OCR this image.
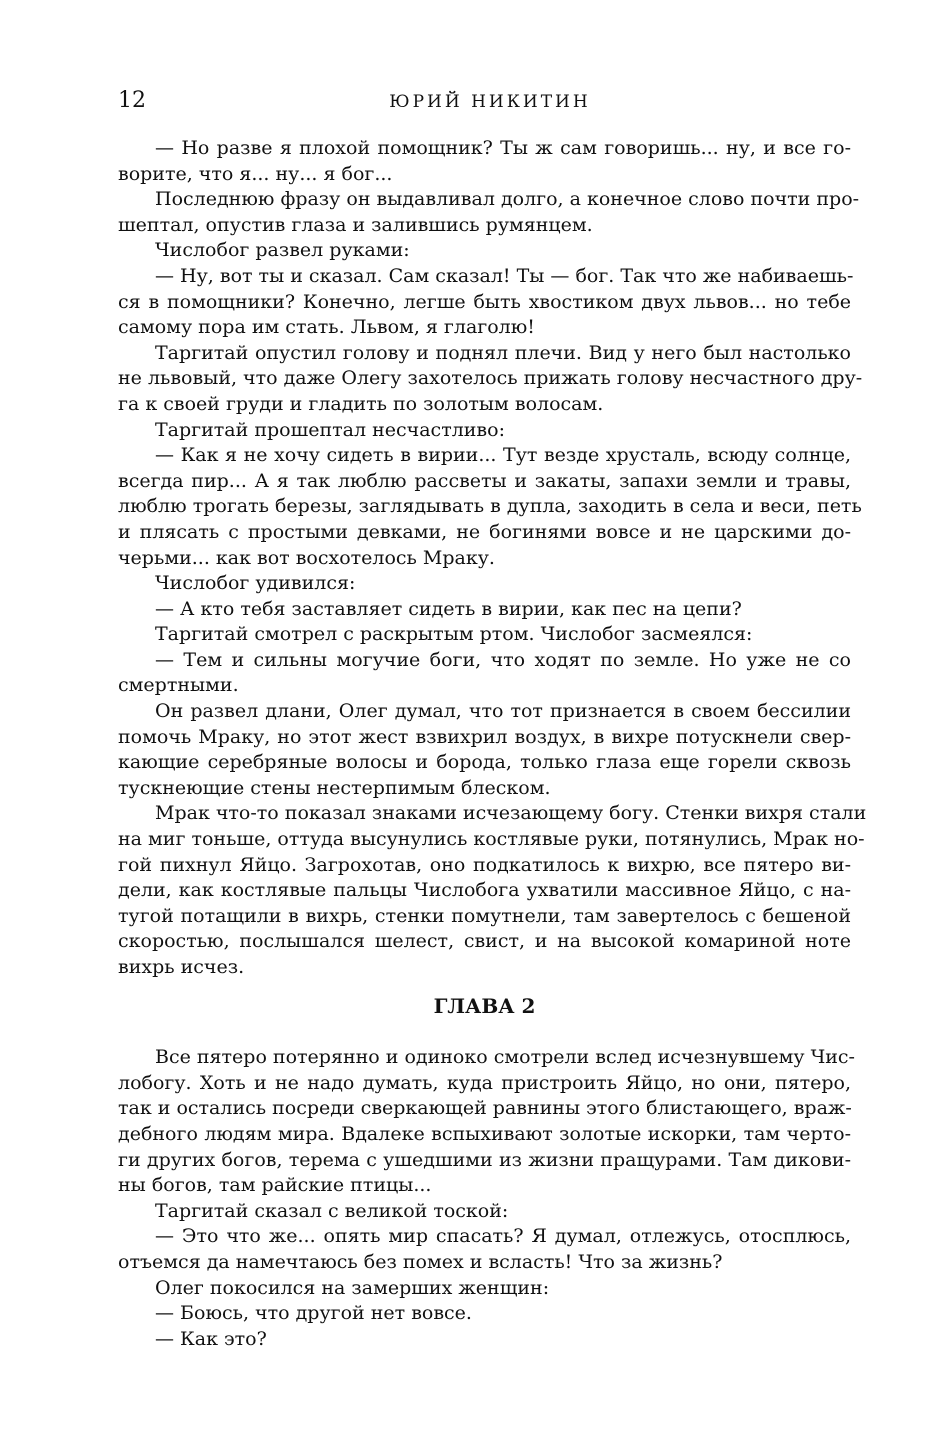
12	ЮРИЙ НИКИТИН
— Но разве я плохой помощник? Ты ж сам говоришь... ну, и все го-
ворите, что я... ну... я бог...
Последнюю фразу он выдавливал долго, а конечное слово почти про-
шептал, опустив глаза и залившись румянцем.
Числобог развел руками:
— Ну, вот ты и сказал. Сам сказал! Ты — бог. Так что же набиваешь-
ся в помощники? Конечно, легше быть хвостиком двух львов... но тебе
самому пора им стать. Львом, я глаголю!
Таргитай опустил голову и поднял плечи. Вид у него был настолько
не львовый, что даже Олегу захотелось прижать голову несчастного дру-
га к своей груди и гладить по золотым волосам.
Таргитай прошептал несчастливо:
— Как я не хочу сидеть в вирии... Тут везде хрусталь, всюду солнце,
всегда пир... А я так люблю рассветы и закаты, запахи земли и травы,
люблю трогать березы, заглядывать в дупла, заходить в села и веси, петь
и плясать с простыми девками, не богинями вовсе и не царскими до-
черьми... как вот восхотелось Мраку.
Числобог удивился:
— А кто тебя заставляет сидеть в вирии, как пес на цепи?
Таргитай смотрел с раскрытым ртом. Числобог засмеялся:
— Тем и сильны могучие боги, что ходят по земле. Но уже не со
смертными.
Он развел длани, Олег думал, что тот признается в своем бессилии
помочь Мраку, но этот жест взвихрил воздух, в вихре потускнели свер-
кающие серебряные волосы и борода, только глаза еще горели сквозь
тускнеющие стены нестерпимым блеском.
Мрак что-то показал знаками исчезающему богу. Стенки вихря стали
на миг тоньше, оттуда высунулись костлявые руки, потянулись, Мрак но-
гой пихнул Яйцо. Загрохотав, оно подкатилось к вихрю, все пятеро ви-
дели, как костлявые пальцы Числобога ухватили массивное Яйцо, с на-
тугой потащили в вихрь, стенки помутнели, там завертелось с бешеной
скоростью, послышался шелест, свист, и на высокой комариной ноте
вихрь исчез.
ГЛАВА 2
Все пятеро потерянно и одиноко смотрели вслед исчезнувшему Чис-
лобогу. Хоть и не надо думать, куда пристроить Яйцо, но они, пятеро,
так и остались посреди сверкающей равнины этого блистающего, враж-
дебного людям мира. Вдалеке вспыхивают золотые искорки, там черто-
ги других богов, терема с ушедшими из жизни пращурами. Там дикови-
ны богов, там райские птицы...
Таргитай сказал с великой тоской:
— Это что же... опять мир спасать? Я думал, отлежусь, отосплюсь,
отъемся да намечтаюсь без помех и всласть! Что за жизнь?
Олег покосился на замерших женщин:
— Боюсь, что другой нет вовсе.
— Как это?
